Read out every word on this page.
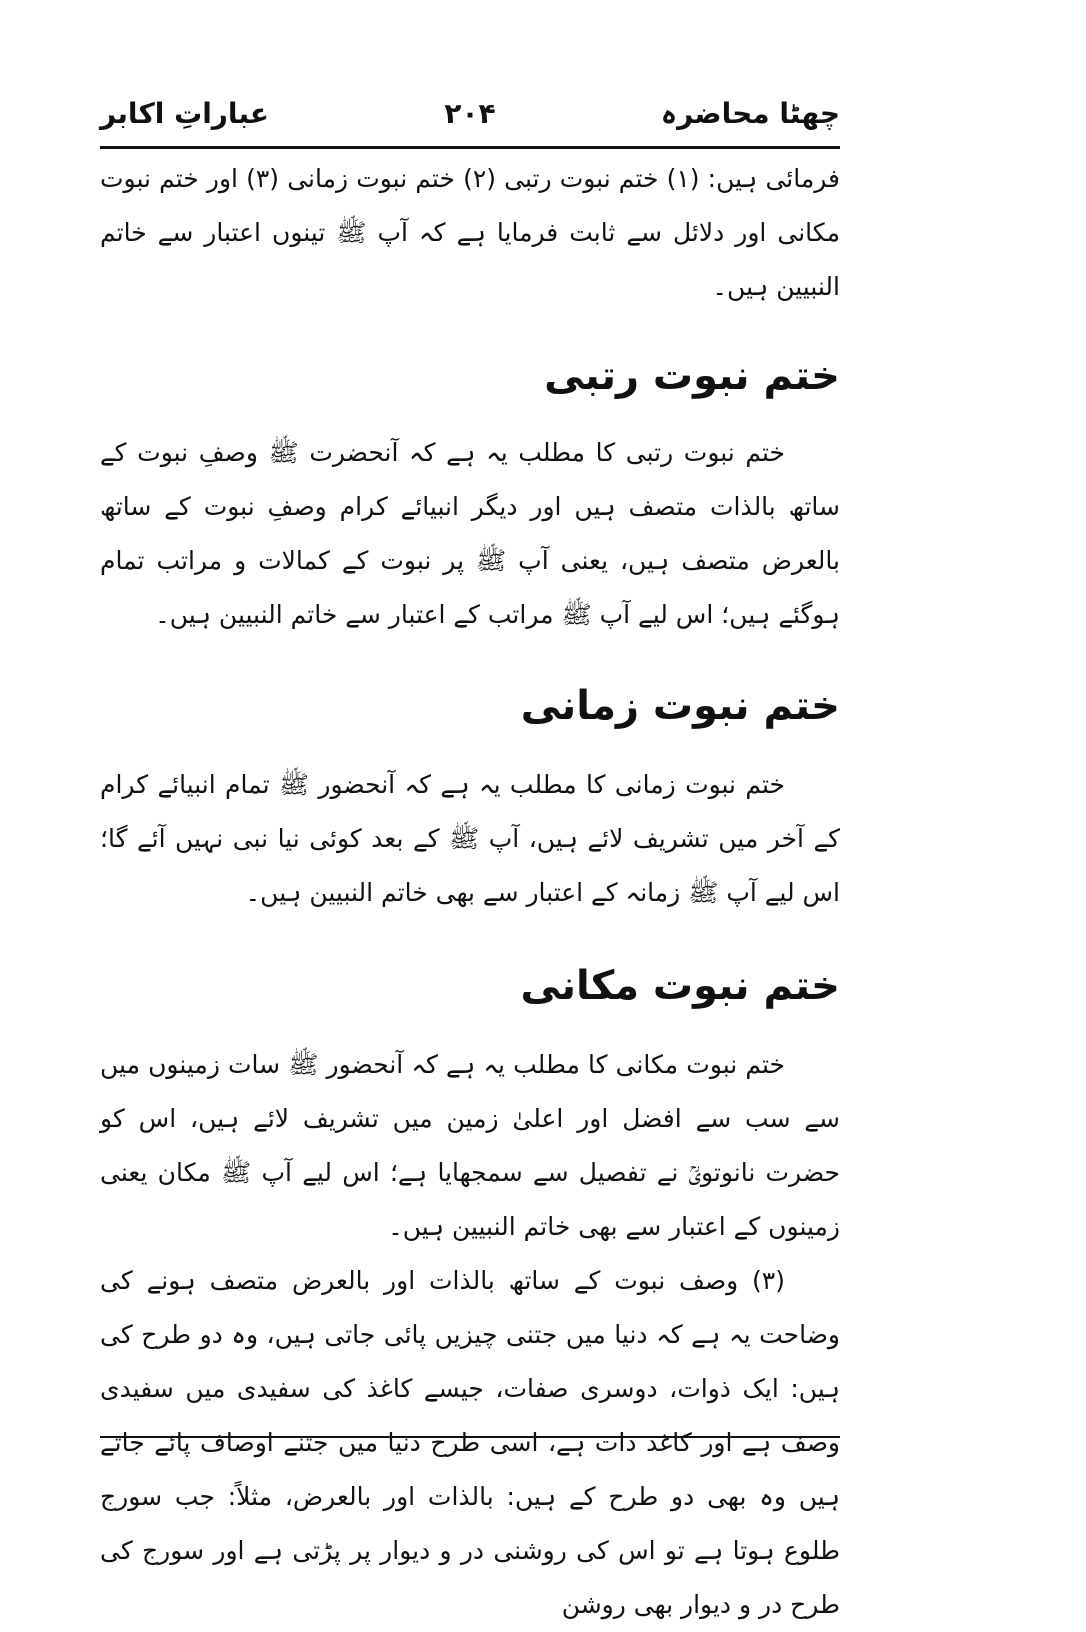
چھٹا محاضرہ
۲۰۴
عباراتِ اکابر

فرمائی ہیں: (۱) ختم نبوت رتبی (۲) ختم نبوت زمانی (۳) اور ختم نبوت مکانی اور دلائل سے ثابت فرمایا ہے کہ آپ ﷺ تینوں اعتبار سے خاتم النبیین ہیں۔

ختم نبوت رتبی

ختم نبوت رتبی کا مطلب یہ ہے کہ آنحضرت ﷺ وصفِ نبوت کے ساتھ بالذات متصف ہیں اور دیگر انبیائے کرام وصفِ نبوت کے ساتھ بالعرض متصف ہیں، یعنی آپ ﷺ پر نبوت کے کمالات و مراتب تمام ہوگئے ہیں؛ اس لیے آپ ﷺ مراتب کے اعتبار سے خاتم النبیین ہیں۔

ختم نبوت زمانی

ختم نبوت زمانی کا مطلب یہ ہے کہ آنحضور ﷺ تمام انبیائے کرام کے آخر میں تشریف لائے ہیں، آپ ﷺ کے بعد کوئی نیا نبی نہیں آئے گا؛ اس لیے آپ ﷺ زمانہ کے اعتبار سے بھی خاتم النبیین ہیں۔

ختم نبوت مکانی

ختم نبوت مکانی کا مطلب یہ ہے کہ آنحضور ﷺ سات زمینوں میں سے سب سے افضل اور اعلیٰ زمین میں تشریف لائے ہیں، اس کو حضرت نانوتویؒ نے تفصیل سے سمجھایا ہے؛ اس لیے آپ ﷺ مکان یعنی زمینوں کے اعتبار سے بھی خاتم النبیین ہیں۔

(۳) وصف نبوت کے ساتھ بالذات اور بالعرض متصف ہونے کی وضاحت یہ ہے کہ دنیا میں جتنی چیزیں پائی جاتی ہیں، وہ دو طرح کی ہیں: ایک ذوات، دوسری صفات، جیسے کاغذ کی سفیدی میں سفیدی وصف ہے اور کاغذ ذات ہے، اسی طرح دنیا میں جتنے اوصاف پائے جاتے ہیں وہ بھی دو طرح کے ہیں: بالذات اور بالعرض، مثلاً: جب سورج طلوع ہوتا ہے تو اس کی روشنی در و دیوار پر پڑتی ہے اور سورج کی طرح در و دیوار بھی روشن
